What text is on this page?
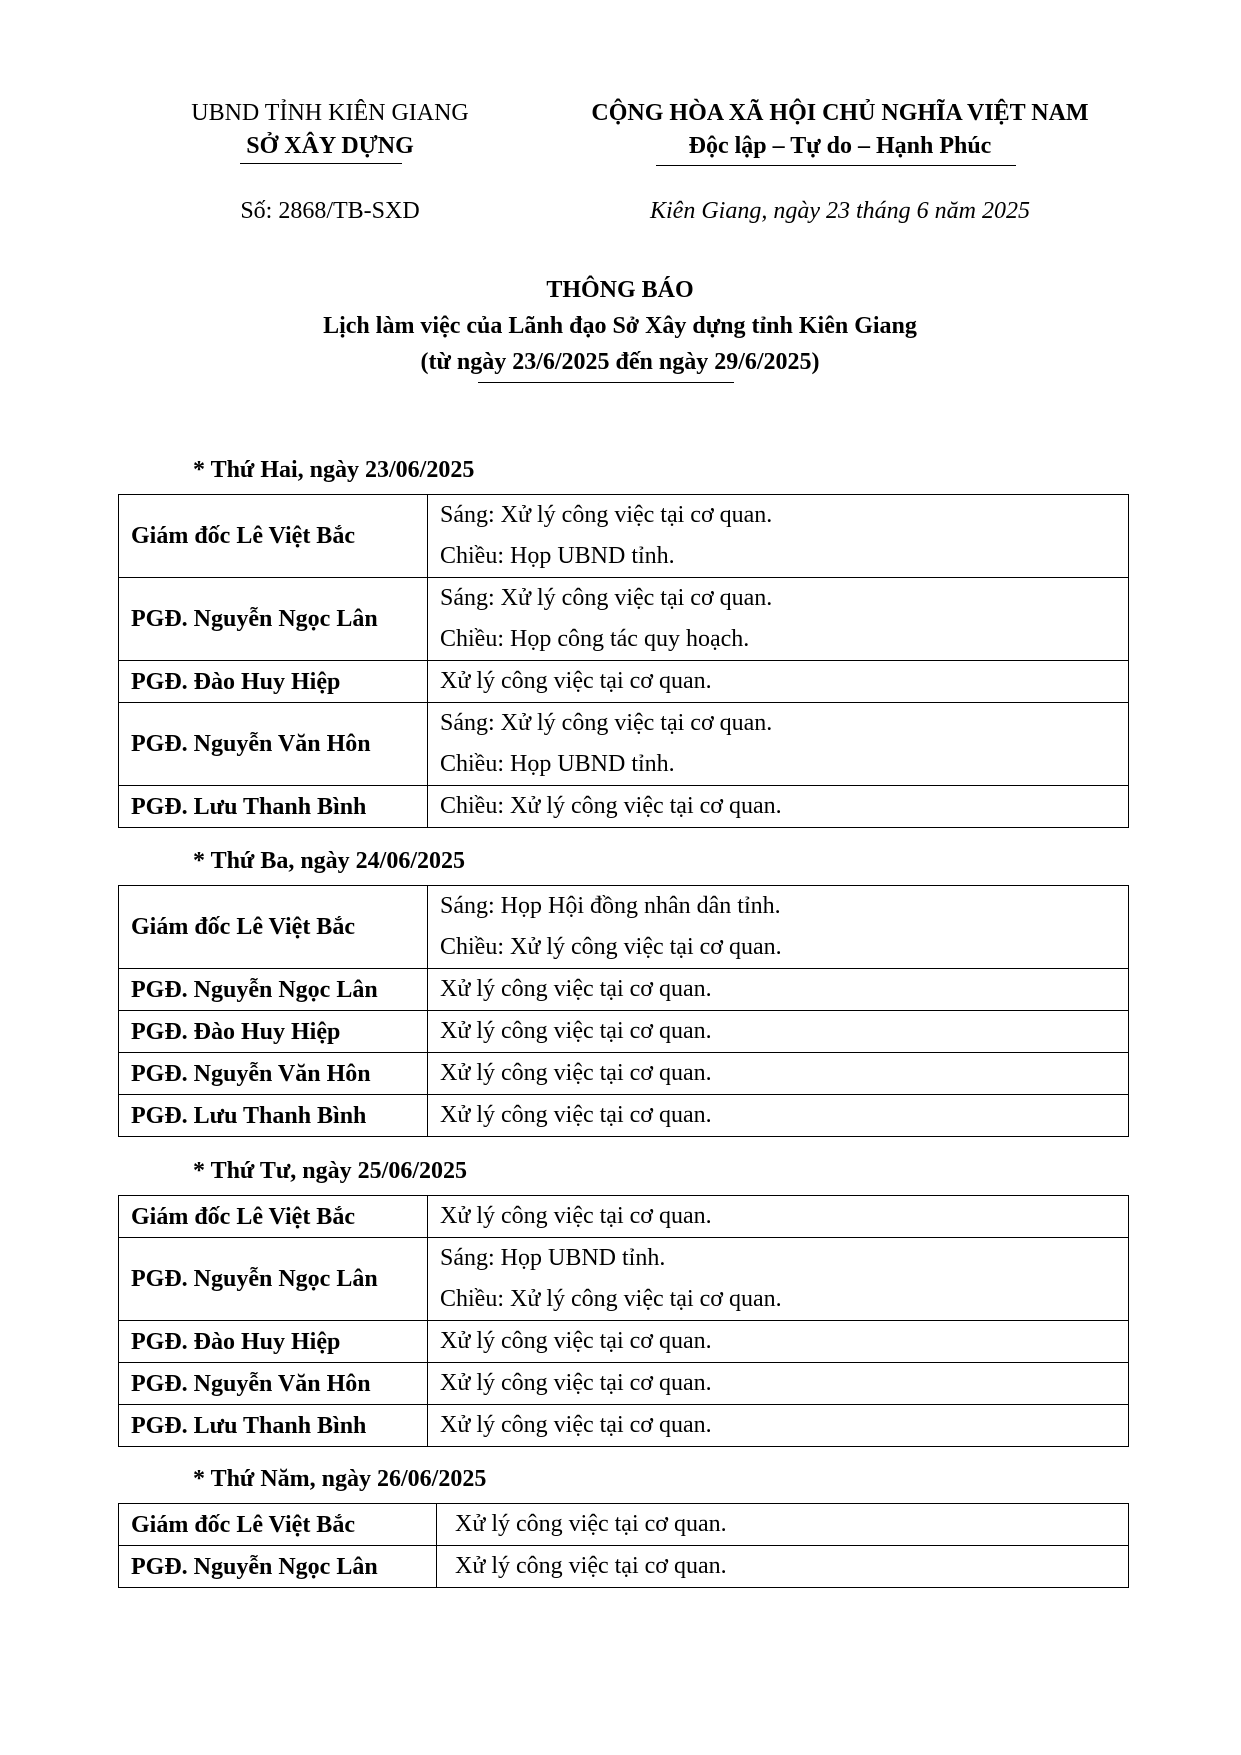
UBND TỈNH KIÊN GIANG
SỞ XÂY DỰNG
CỘNG HÒA XÃ HỘI CHỦ NGHĨA VIỆT NAM
Độc lập – Tự do – Hạnh Phúc
Số: 2868/TB-SXD	Kiên Giang, ngày 23 tháng 6 năm 2025
THÔNG BÁO
Lịch làm việc của Lãnh đạo Sở Xây dựng tỉnh Kiên Giang
(từ ngày 23/6/2025 đến ngày 29/6/2025)
* Thứ Hai, ngày 23/06/2025
Giám đốc Lê Việt Bắc	Sáng: Xử lý công việc tại cơ quan.
Chiều: Họp UBND tỉnh.

PGĐ. Nguyễn Ngọc Lân	Sáng: Xử lý công việc tại cơ quan.
Chiều: Họp công tác quy hoạch.

PGĐ. Đào Huy Hiệp	Xử lý công việc tại cơ quan.

PGĐ. Nguyễn Văn Hôn	Sáng: Xử lý công việc tại cơ quan.
Chiều: Họp UBND tỉnh.

PGĐ. Lưu Thanh Bình	Chiều: Xử lý công việc tại cơ quan.
* Thứ Ba, ngày 24/06/2025
Giám đốc Lê Việt Bắc	Sáng: Họp Hội đồng nhân dân tỉnh.
Chiều: Xử lý công việc tại cơ quan.

PGĐ. Nguyễn Ngọc Lân	Xử lý công việc tại cơ quan.

PGĐ. Đào Huy Hiệp	Xử lý công việc tại cơ quan.

PGĐ. Nguyễn Văn Hôn	Xử lý công việc tại cơ quan.

PGĐ. Lưu Thanh Bình	Xử lý công việc tại cơ quan.
* Thứ Tư, ngày 25/06/2025
Giám đốc Lê Việt Bắc	Xử lý công việc tại cơ quan.

PGĐ. Nguyễn Ngọc Lân	Sáng: Họp UBND tỉnh.
Chiều: Xử lý công việc tại cơ quan.

PGĐ. Đào Huy Hiệp	Xử lý công việc tại cơ quan.

PGĐ. Nguyễn Văn Hôn	Xử lý công việc tại cơ quan.

PGĐ. Lưu Thanh Bình	Xử lý công việc tại cơ quan.
* Thứ Năm, ngày 26/06/2025
Giám đốc Lê Việt Bắc	Xử lý công việc tại cơ quan.

PGĐ. Nguyễn Ngọc Lân	Xử lý công việc tại cơ quan.
